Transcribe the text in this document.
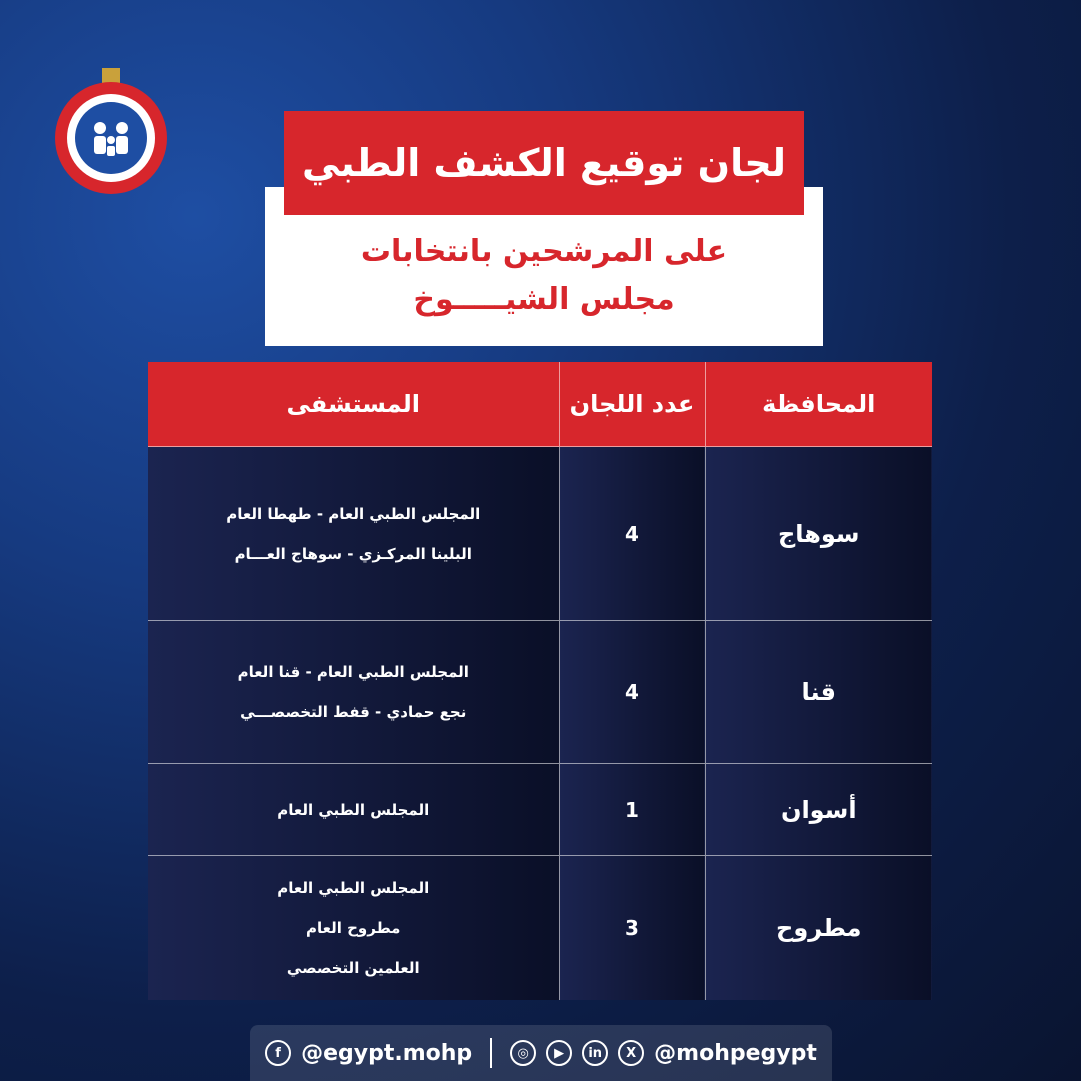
لجان توقيع الكشف الطبي
على المرشحين بانتخابات
مجلس الشيـــــوخ
المحافظة	عدد اللجان	المستشفى
سوهاج	4	المجلس الطبي العام - طهطا العام
البلينا المركـزي - سوهاج العـــام

قنا	4	المجلس الطبي العام - قنا العام
نجع حمادي - قفط التخصصـــي

أسوان	1	المجلس الطبي العام

مطروح	3	المجلس الطبي العام
مطروح العام
العلمين التخصصي
f @egypt.mohp	◎	▶	in	X @mohpegypt
